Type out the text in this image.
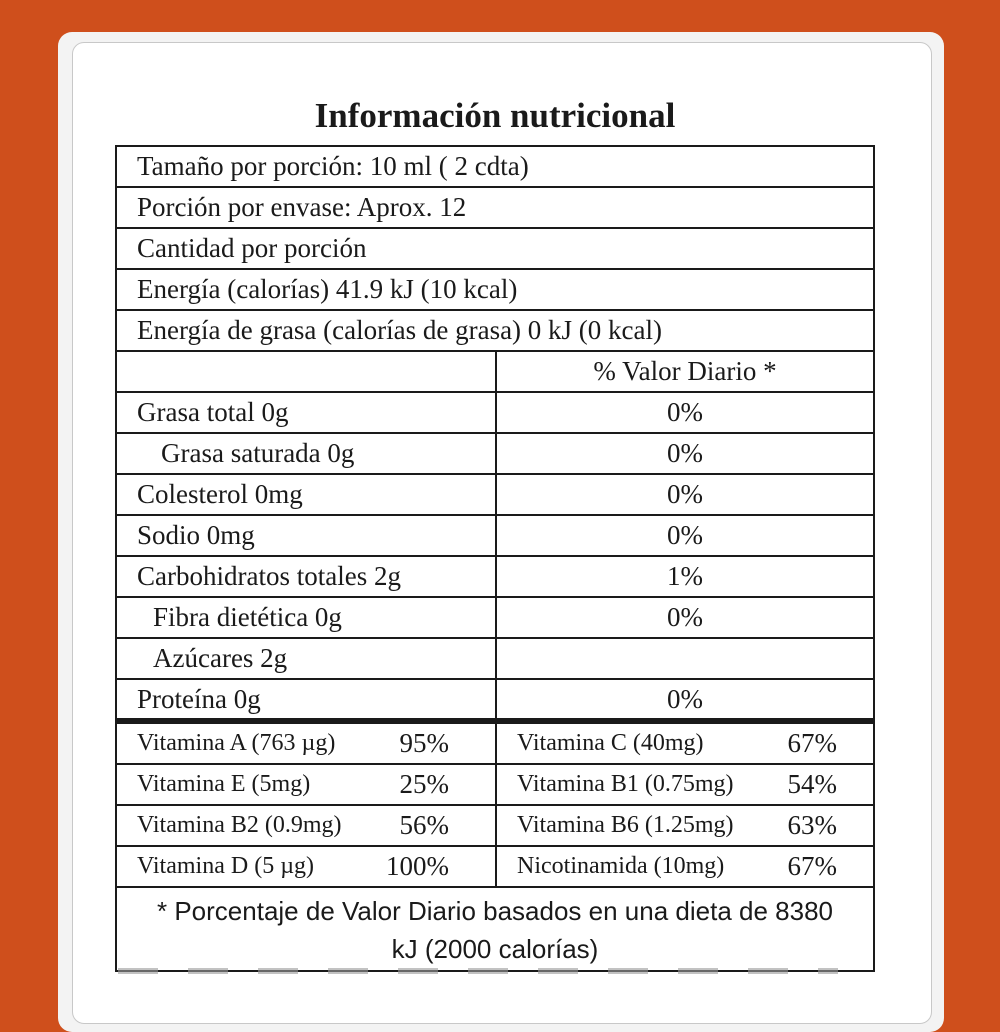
Información nutricional
Tamaño por porción: 10 ml ( 2 cdta)
Porción por envase: Aprox. 12
Cantidad por porción
Energía (calorías) 41.9 kJ (10 kcal)
Energía de grasa (calorías de grasa) 0 kJ (0 kcal)
% Valor Diario *
Grasa total 0g	0%
Grasa saturada 0g	0%
Colesterol 0mg	0%
Sodio 0mg	0%
Carbohidratos totales 2g	1%
Fibra dietética 0g	0%
Azúcares 2g
Proteína 0g	0%
Vitamina A (763 µg) 95%	Vitamina C (40mg)	67%
Vitamina E (5mg)	25%	Vitamina B1 (0.75mg) 54%
Vitamina B2 (0.9mg) 56%	Vitamina B6 (1.25mg) 63%
Vitamina D (5 µg)	100%	Nicotinamida (10mg) 67%
* Porcentaje de Valor Diario basados en una dieta de 8380
kJ (2000 calorías)
